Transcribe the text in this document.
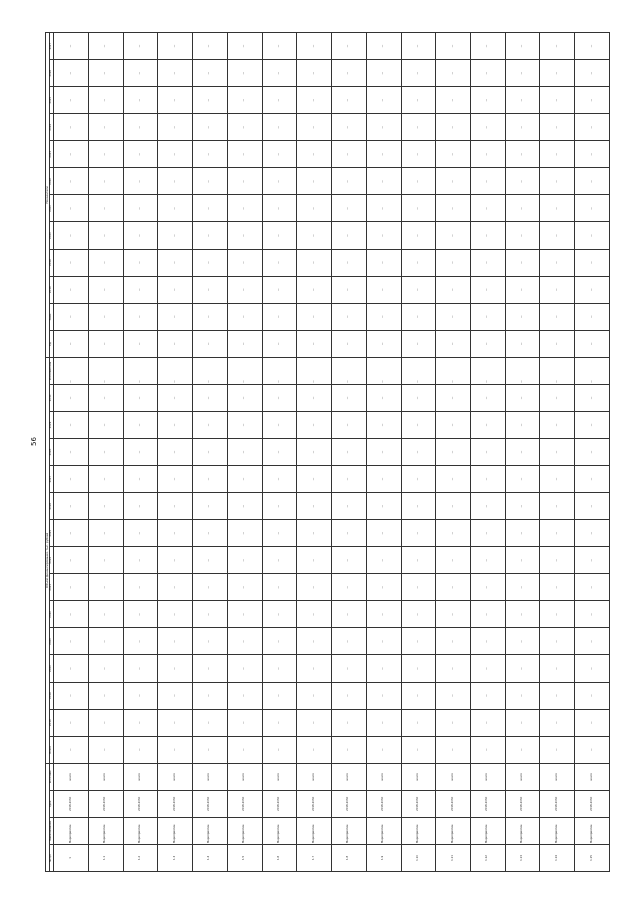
56
				Объём финансирования, тыс. рублей															Показатели											
№ п/п	Наименование	Срок	Источник	Всего	2018	2019	2020	2021	2022	2023	2024	2025	2026	2027	2028	2029	2030	Исполнитель	Ед.	Знач.	2018	2019	2020	2021	2022	2023	2024	2025	2026	2027
1	Мероприятие	2018-2030	всего	—	—	—	—	—	—	—	—	—	—	—	—	—	—	—	—	—	—	—	—	—	—	—	—	—	—	—
1.1	Мероприятие	2018-2030	всего	—	—	—	—	—	—	—	—	—	—	—	—	—	—	—	—	—	—	—	—	—	—	—	—	—	—	—
1.2	Мероприятие	2018-2030	всего	—	—	—	—	—	—	—	—	—	—	—	—	—	—	—	—	—	—	—	—	—	—	—	—	—	—	—
1.3	Мероприятие	2018-2030	всего	—	—	—	—	—	—	—	—	—	—	—	—	—	—	—	—	—	—	—	—	—	—	—	—	—	—	—
1.4	Мероприятие	2018-2030	всего	—	—	—	—	—	—	—	—	—	—	—	—	—	—	—	—	—	—	—	—	—	—	—	—	—	—	—
1.5	Мероприятие	2018-2030	всего	—	—	—	—	—	—	—	—	—	—	—	—	—	—	—	—	—	—	—	—	—	—	—	—	—	—	—
1.6	Мероприятие	2018-2030	всего	—	—	—	—	—	—	—	—	—	—	—	—	—	—	—	—	—	—	—	—	—	—	—	—	—	—	—
1.7	Мероприятие	2018-2030	всего	—	—	—	—	—	—	—	—	—	—	—	—	—	—	—	—	—	—	—	—	—	—	—	—	—	—	—
1.8	Мероприятие	2018-2030	всего	—	—	—	—	—	—	—	—	—	—	—	—	—	—	—	—	—	—	—	—	—	—	—	—	—	—	—
1.9	Мероприятие	2018-2030	всего	—	—	—	—	—	—	—	—	—	—	—	—	—	—	—	—	—	—	—	—	—	—	—	—	—	—	—
1.10	Мероприятие	2018-2030	всего	—	—	—	—	—	—	—	—	—	—	—	—	—	—	—	—	—	—	—	—	—	—	—	—	—	—	—
1.11	Мероприятие	2018-2030	всего	—	—	—	—	—	—	—	—	—	—	—	—	—	—	—	—	—	—	—	—	—	—	—	—	—	—	—
1.12	Мероприятие	2018-2030	всего	—	—	—	—	—	—	—	—	—	—	—	—	—	—	—	—	—	—	—	—	—	—	—	—	—	—	—
1.13	Мероприятие	2018-2030	всего	—	—	—	—	—	—	—	—	—	—	—	—	—	—	—	—	—	—	—	—	—	—	—	—	—	—	—
1.14	Мероприятие	2018-2030	всего	—	—	—	—	—	—	—	—	—	—	—	—	—	—	—	—	—	—	—	—	—	—	—	—	—	—	—
1.15	Мероприятие	2018-2030	всего	—	—	—	—	—	—	—	—	—	—	—	—	—	—	—	—	—	—	—	—	—	—	—	—	—	—	—
